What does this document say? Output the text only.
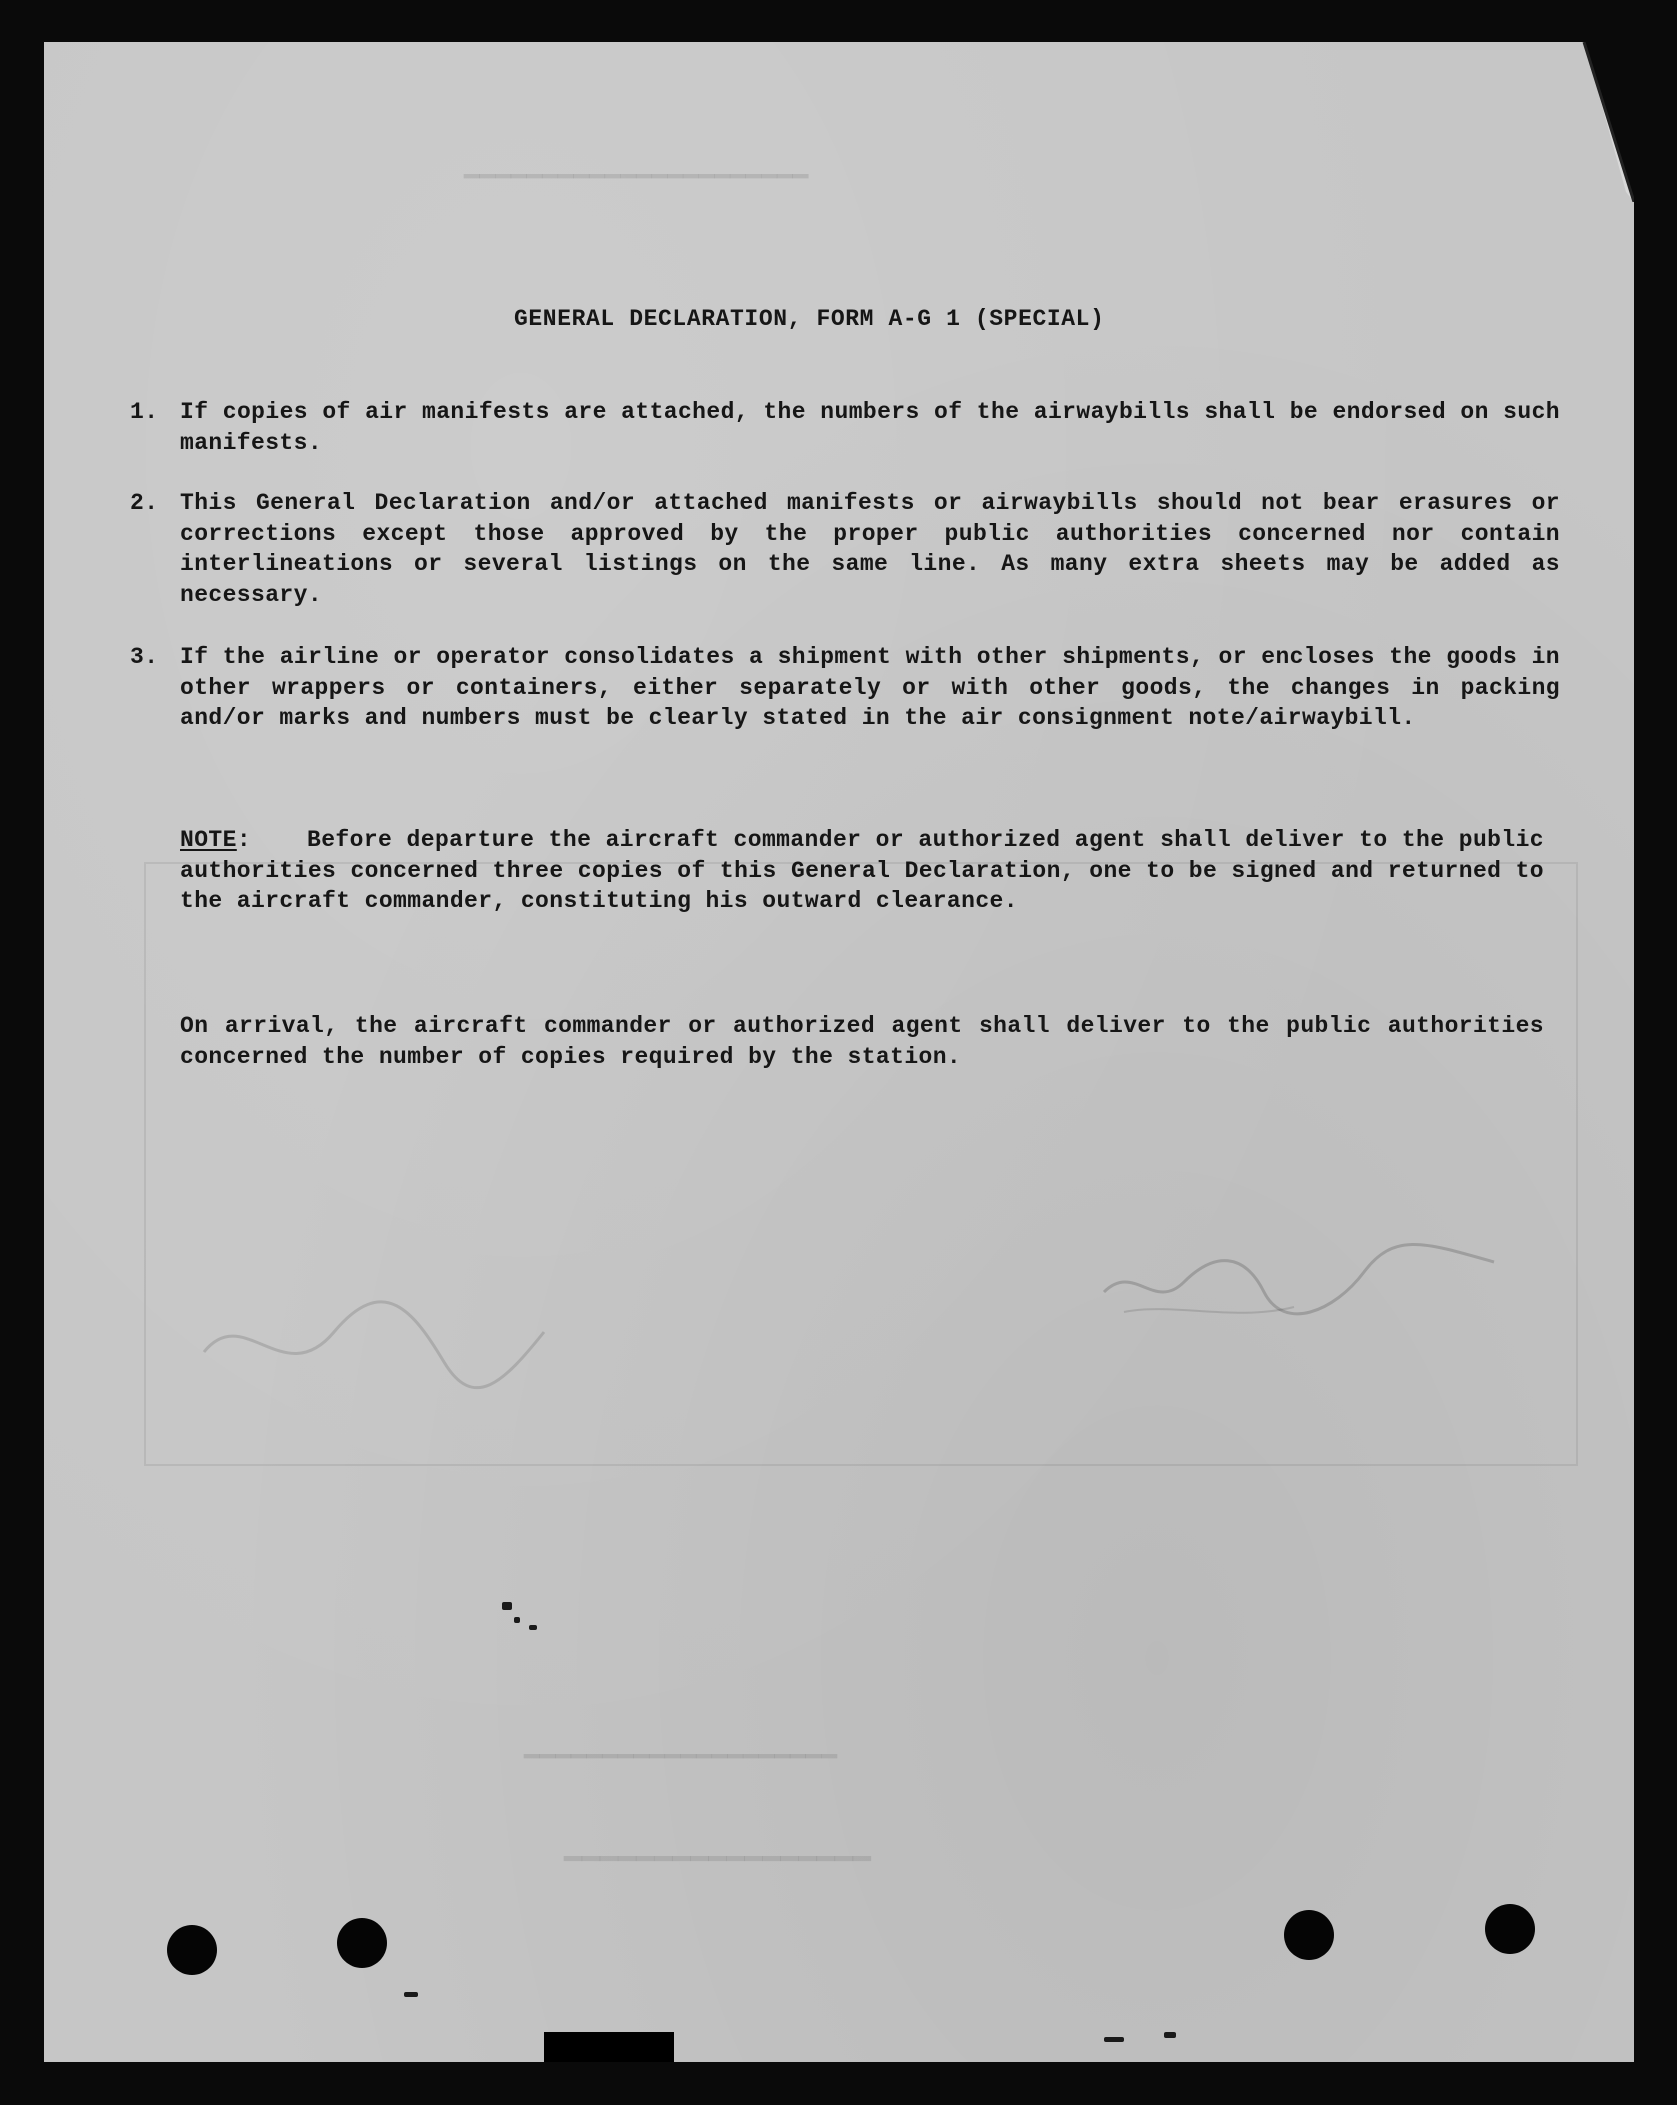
━━━━━━━━━━━━━━━━━━━━━━
━━━━━━━━━━━━━━━━━━━━
━━━━━━━━━━━━━━━━━
GENERAL DECLARATION, FORM A-G 1 (SPECIAL)
1. If copies of air manifests are attached, the numbers of the airwaybills shall be endorsed on such manifests.
2. This General Declaration and/or attached manifests or airwaybills should not bear erasures or corrections except those approved by the proper public authorities concerned nor contain interlineations or several listings on the same line. As many extra sheets may be added as necessary.
3. If the airline or operator consolidates a shipment with other shipments, or encloses the goods in other wrappers or containers, either separately or with other goods, the changes in packing and/or marks and numbers must be clearly stated in the air consignment note/airwaybill.
NOTE: Before departure the aircraft commander or authorized agent shall deliver to the public authorities concerned three copies of this General Declaration, one to be signed and returned to the aircraft commander, constituting his outward clearance.
On arrival, the aircraft commander or authorized agent shall deliver to the public authorities concerned the number of copies required by the station.
